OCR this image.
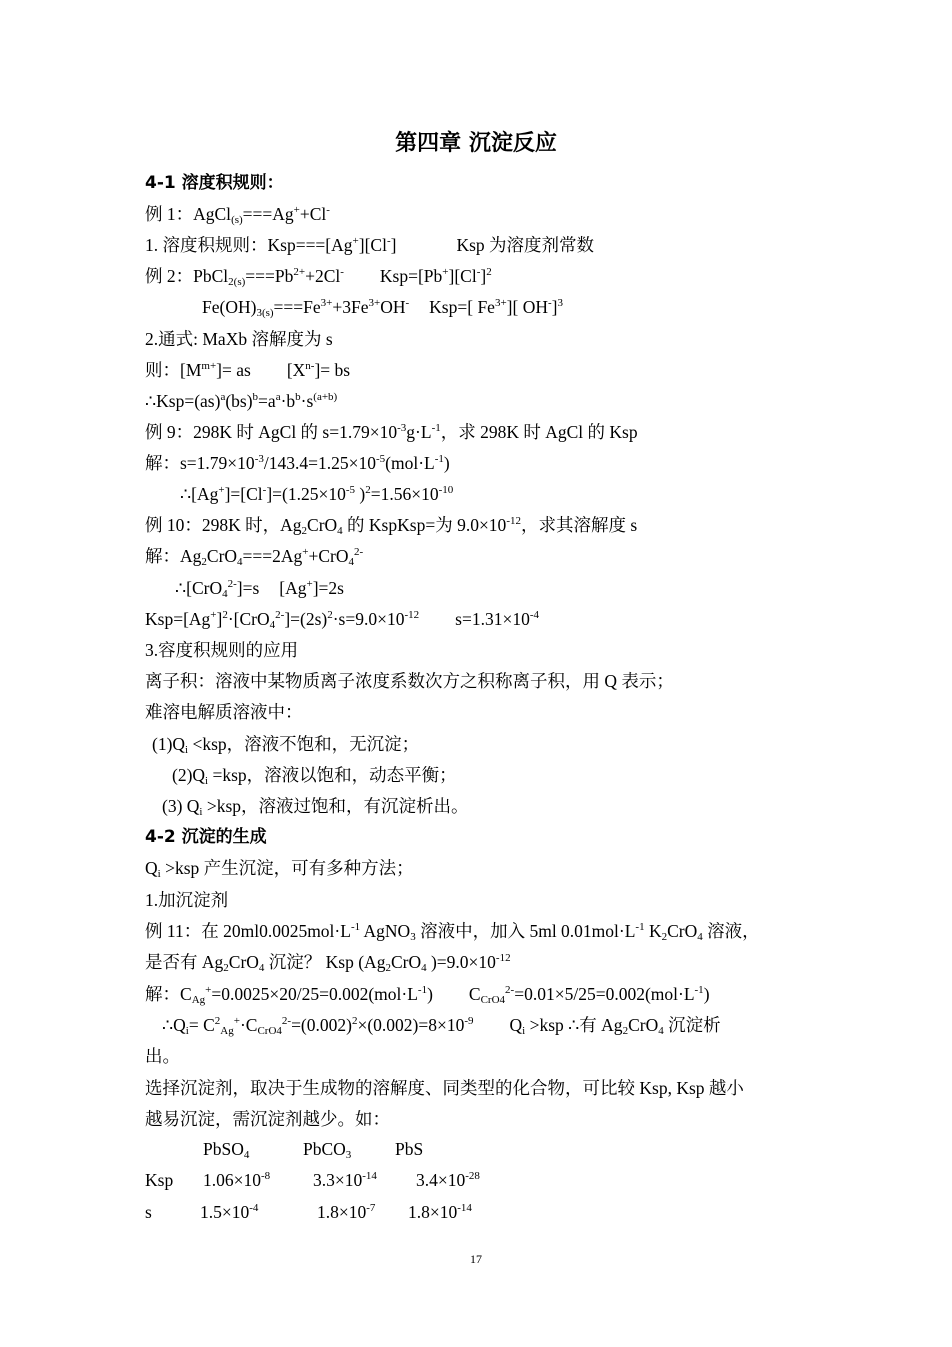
第四章 沉淀反应
4-1 溶度积规则：
例 1：AgCl$_{(s)}$===Ag++Cl-
1. 溶度积规则：Ksp===[Ag+][Cl-]	Ksp 为溶度剂常数
例 2：$PbCl_{2(s)}===Pb^{2+}+2Cl^-$ $Ksp=[Pb^+][Cl^-]^2$
$Fe(OH)_{3(s)}===Fe^{3+}+3Fe^{3+}OH^-$ Ksp=[ $Fe^{3+}$][ OH-]$^3$
2.通式: MaXb 溶解度为 s
则：$[M^{m+}]=$ as $[X^{n-}]=$ bs
$\therefore Ksp=(as)^a(bs)^b=a^a\cdot b^b\cdot s^{(a+b)}$
例 9：298K 时 AgCl 的 $s=1.79\times 10^{-3}g\cdot L^{-1}$，求 298K 时 AgCl 的 Ksp
解：$s=1.79\times 10^{-3}/143.4=1.25\times 10^{-5}(mol\cdot L^{-1})$
$\therefore[Ag^+]=[Cl^-]=(1.25\times 10^{-5}$ )$^2=1.56\times 10^{-10}$
例 10：298K 时，$Ag_2CrO_4$ 的 KspKsp=为 $9.0\times 10^{-12}$，求其溶解度 s
解：$Ag_2CrO_4===2Ag^++CrO_4^{2-}$
∴[CrO$_4^{2-}$]=s [Ag+]=2s
$Ksp=[Ag^+]^2\cdot[CrO_4^{2-}]=(2s)^2\cdot s=9.0\times 10^{-12}$ $s=1.31\times 10^{-4}$
3.容度积规则的应用
离子积：溶液中某物质离子浓度系数次方之积称离子积，用 Q 表示；
难溶电解质溶液中：
$(1)Q_i <ksp$，溶液不饱和，无沉淀；
$(2)Q_i =ksp$，溶液以饱和，动态平衡；
(3) $Q_i >ksp$，溶液过饱和，有沉淀析出。
4-2 沉淀的生成
$Q_i >ksp$ 产生沉淀，可有多种方法；
1.加沉淀剂
例 11：在 $20ml0.0025mol\cdot L^{-1}$ AgNO$_3$ 溶液中，加入 5ml $0.01mol\cdot L^{-1}$ $K_2CrO_4$ 溶液，
是否有 $Ag_2CrO_4$ 沉淀？ Ksp ($Ag_2CrO_4$ )$=9.0\times 10^{-12}$
解：$C_{Ag}^+=0.0025\times 20/25=0.002(mol\cdot L^{-1})$ $C_{CrO4}^{2-}=0.01\times 5/25=0.002(mol\cdot L^{-1})$
$\therefore Q_i= C^2_{Ag}^+\cdot C_{CrO4}^{2-}=(0.002)^2\times(0.002)=8\times 10^{-9}$ $Q_i >ksp$ ∴有 $Ag_2CrO_4$ 沉淀析
出。
选择沉淀剂，取决于生成物的溶解度、同类型的化合物，可比较 Ksp, Ksp 越小
越易沉淀，需沉淀剂越少。如：
PbSO$_4$	PbCO$_3$ PbS
Ksp $1.06\times 10^{-8}$ $3.3\times 10^{-14}$ $3.4\times 10^{-28}$
s	$1.5\times 10^{-4}$	$1.8\times 10^{-7}$ $1.8\times 10^{-14}$
17
